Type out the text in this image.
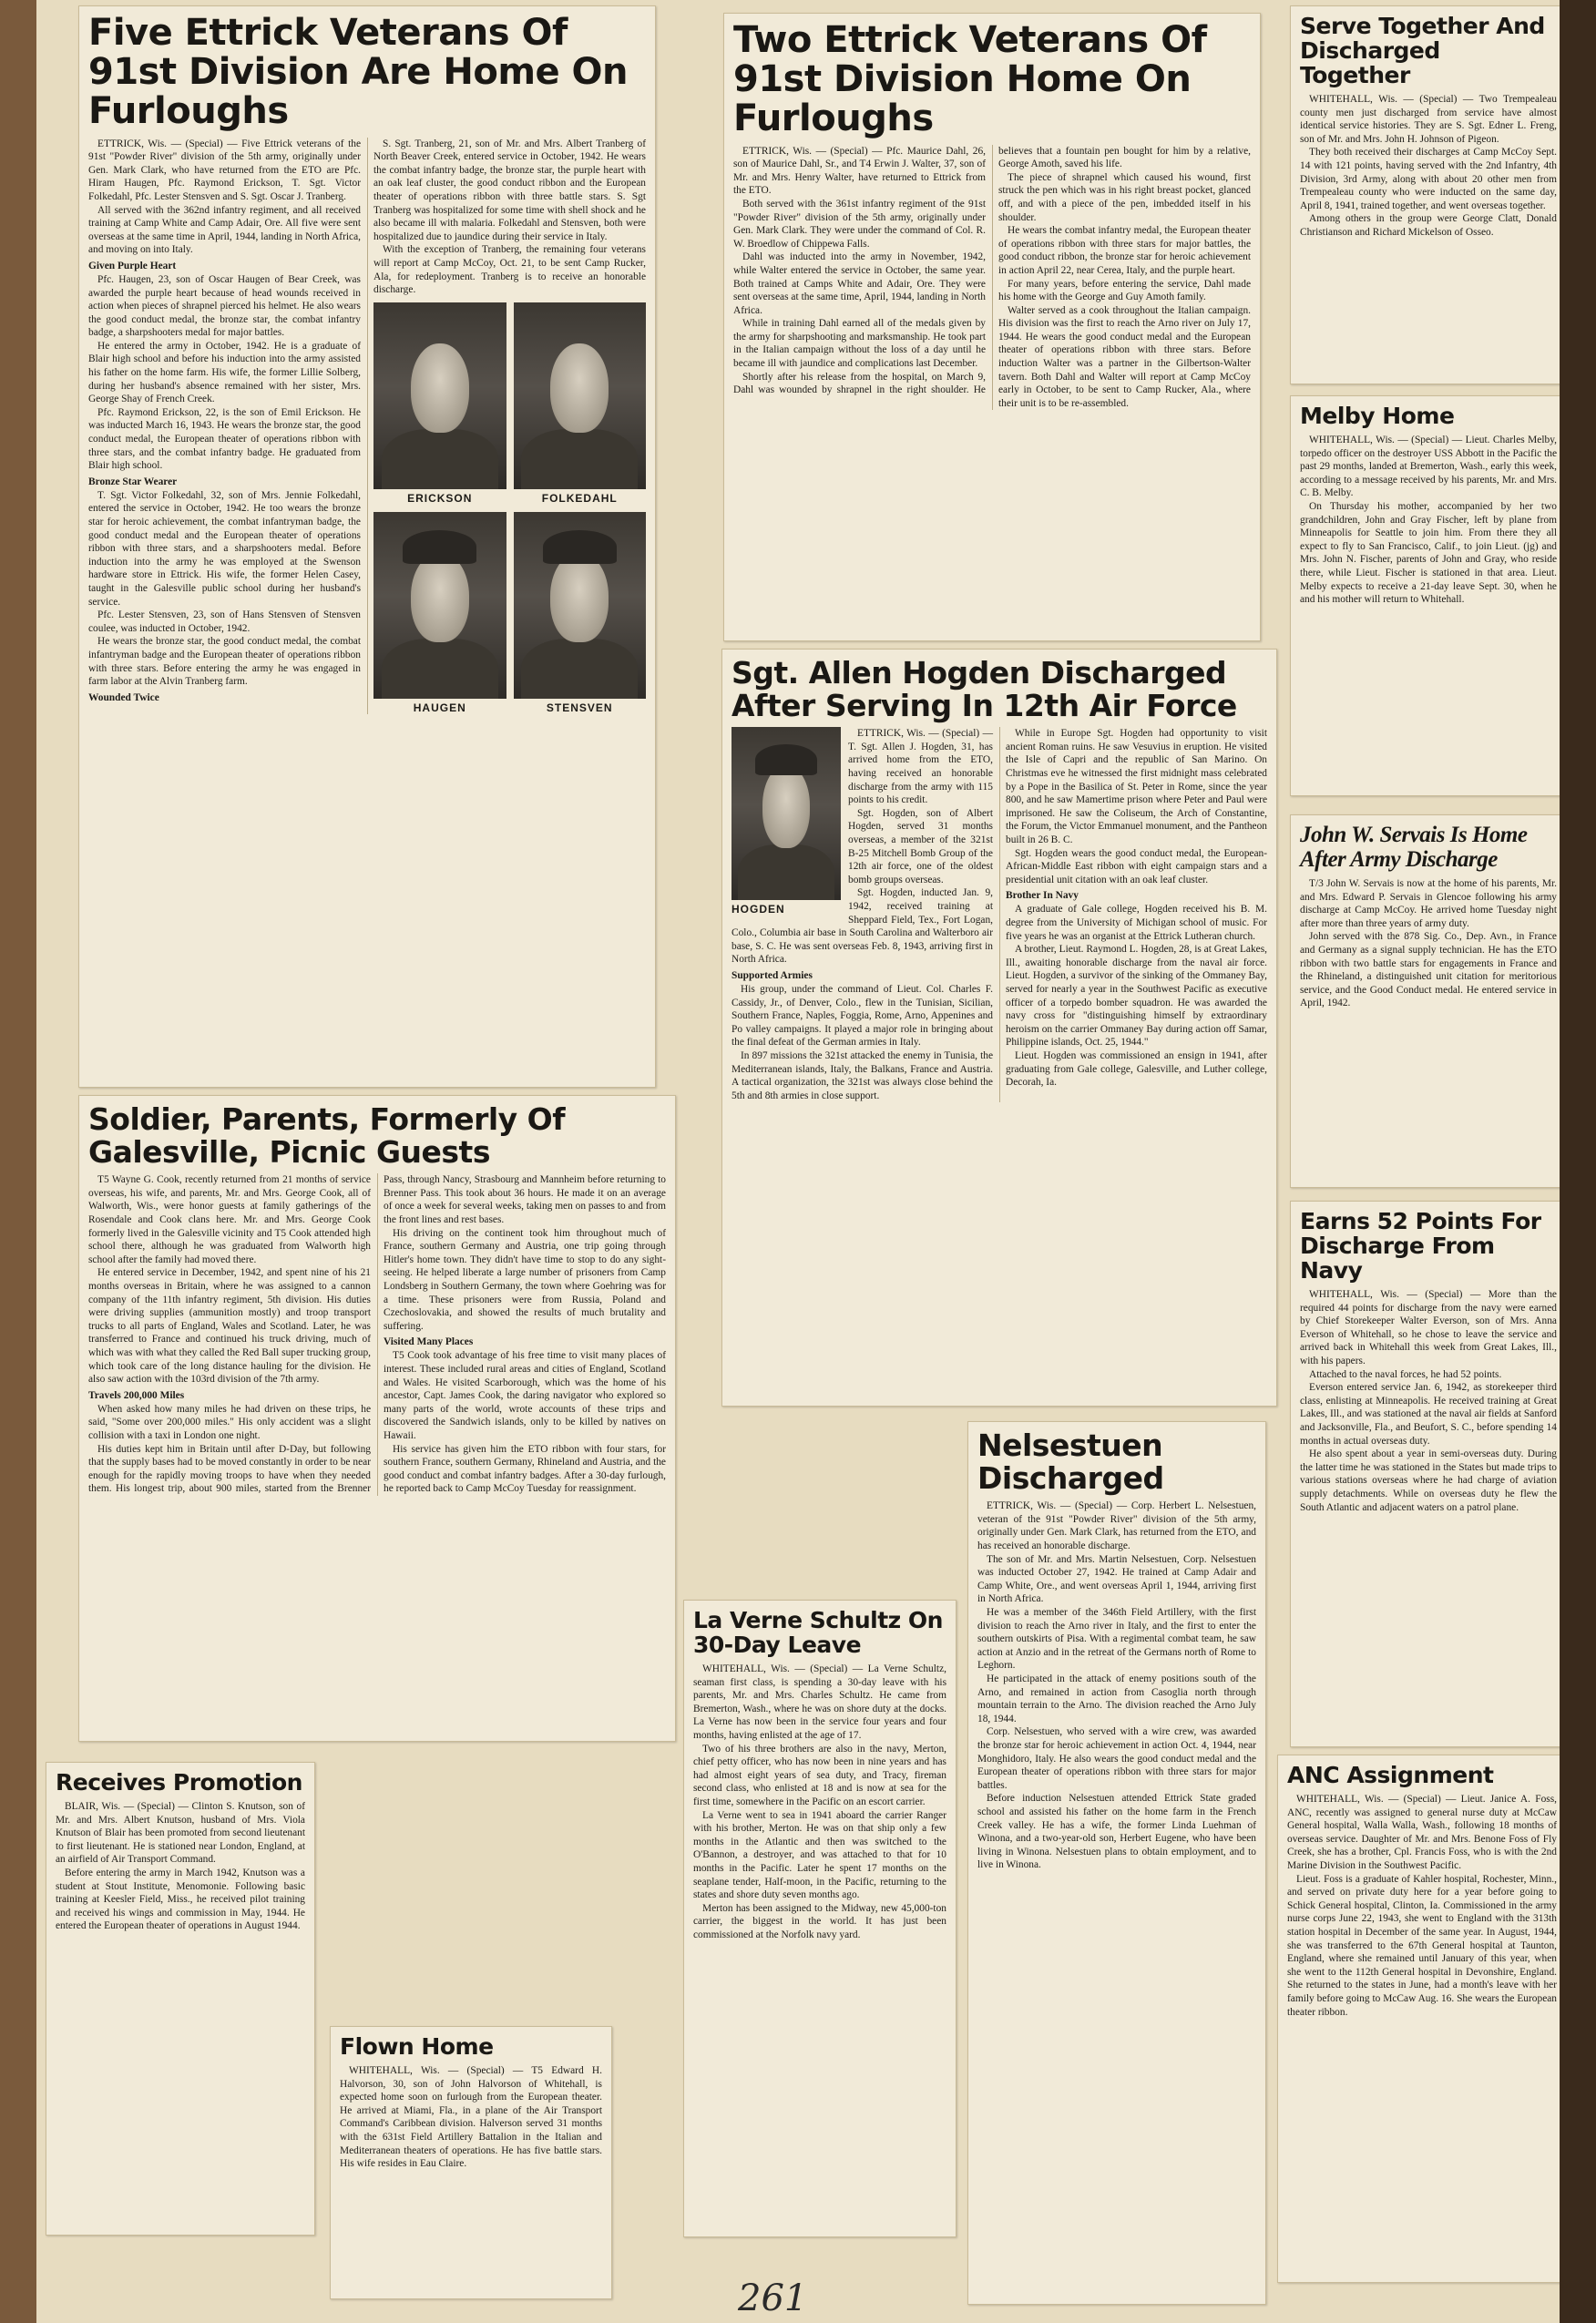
Five Ettrick Veterans Of 91st Division Are Home On Furloughs

ETTRICK, Wis. — (Special) — Five Ettrick veterans of the 91st "Powder River" division of the 5th army, originally under Gen. Mark Clark, who have returned from the ETO are Pfc. Hiram Haugen, Pfc. Raymond Erickson, T. Sgt. Victor Folkedahl, Pfc. Lester Stensven and S. Sgt. Oscar J. Tranberg.

All served with the 362nd infantry regiment, and all received training at Camp White and Camp Adair, Ore. All five were sent overseas at the same time in April, 1944, landing in North Africa, and moving on into Italy.

Given Purple Heart

Pfc. Haugen, 23, son of Oscar Haugen of Bear Creek, was awarded the purple heart because of head wounds received in action when pieces of shrapnel pierced his helmet. He also wears the good conduct medal, the bronze star, the combat infantry badge, a sharpshooters medal for major battles.

He entered the army in October, 1942. He is a graduate of Blair high school and before his induction into the army assisted his father on the home farm. His wife, the former Lillie Solberg, during her husband's absence remained with her sister, Mrs. George Shay of French Creek.

Pfc. Raymond Erickson, 22, is the son of Emil Erickson. He was inducted March 16, 1943. He wears the bronze star, the good conduct medal, the European theater of operations ribbon with three stars, and the combat infantry badge. He graduated from Blair high school.

Bronze Star Wearer

T. Sgt. Victor Folkedahl, 32, son of Mrs. Jennie Folkedahl, entered the service in October, 1942. He too wears the bronze star for heroic achievement, the combat infantryman badge, the good conduct medal and the European theater of operations ribbon with three stars, and a sharpshooters medal. Before induction into the army he was employed at the Swenson hardware store in Ettrick. His wife, the former Helen Casey, taught in the Galesville public school during her husband's service.

Pfc. Lester Stensven, 23, son of Hans Stensven of Stensven coulee, was inducted in October, 1942.

He wears the bronze star, the good conduct medal, the combat infantryman badge and the European theater of operations ribbon with three stars. Before entering the army he was engaged in farm labor at the Alvin Tranberg farm.

Wounded Twice

S. Sgt. Tranberg, 21, son of Mr. and Mrs. Albert Tranberg of North Beaver Creek, entered service in October, 1942. He wears the combat infantry badge, the bronze star, the purple heart with an oak leaf cluster, the good conduct ribbon and the European theater of operations ribbon with three battle stars. S. Sgt Tranberg was hospitalized for some time with shell shock and he also became ill with malaria. Folkedahl and Stensven, both were hospitalized due to jaundice during their service in Italy.

With the exception of Tranberg, the remaining four veterans will report at Camp McCoy, Oct. 21, to be sent Camp Rucker, Ala, for redeployment. Tranberg is to receive an honorable discharge.

ERICKSON	FOLKEDAHL
HAUGEN	STENSVEN
Two Ettrick Veterans Of 91st Division Home On Furloughs

ETTRICK, Wis. — (Special) — Pfc. Maurice Dahl, 26, son of Maurice Dahl, Sr., and T4 Erwin J. Walter, 37, son of Mr. and Mrs. Henry Walter, have returned to Ettrick from the ETO.

Both served with the 361st infantry regiment of the 91st "Powder River" division of the 5th army, originally under Gen. Mark Clark. They were under the command of Col. R. W. Broedlow of Chippewa Falls.

Dahl was inducted into the army in November, 1942, while Walter entered the service in October, the same year. Both trained at Camps White and Adair, Ore. They were sent overseas at the same time, April, 1944, landing in North Africa.

While in training Dahl earned all of the medals given by the army for sharpshooting and marksmanship. He took part in the Italian campaign without the loss of a day until he became ill with jaundice and complications last December.

Shortly after his release from the hospital, on March 9, Dahl was wounded by shrapnel in the right shoulder. He believes that a fountain pen bought for him by a relative, George Amoth, saved his life.

The piece of shrapnel which caused his wound, first struck the pen which was in his right breast pocket, glanced off, and with a piece of the pen, imbedded itself in his shoulder.

He wears the combat infantry medal, the European theater of operations ribbon with three stars for major battles, the good conduct ribbon, the bronze star for heroic achievement in action April 22, near Cerea, Italy, and the purple heart.

For many years, before entering the service, Dahl made his home with the George and Guy Amoth family.

Walter served as a cook throughout the Italian campaign. His division was the first to reach the Arno river on July 17, 1944. He wears the good conduct medal and the European theater of operations ribbon with three stars. Before induction Walter was a partner in the Gilbertson-Walter tavern. Both Dahl and Walter will report at Camp McCoy early in October, to be sent to Camp Rucker, Ala., where their unit is to be re-assembled.

Serve Together And Discharged Together

WHITEHALL, Wis. — (Special) — Two Trempealeau county men just discharged from service have almost identical service histories. They are S. Sgt. Edner L. Freng, son of Mr. and Mrs. John H. Johnson of Pigeon.

They both received their discharges at Camp McCoy Sept. 14 with 121 points, having served with the 2nd Infantry, 4th Division, 3rd Army, along with about 20 other men from Trempealeau county who were inducted on the same day, April 8, 1941, trained together, and went overseas together.

Among others in the group were George Clatt, Donald Christianson and Richard Mickelson of Osseo.

Melby Home

WHITEHALL, Wis. — (Special) — Lieut. Charles Melby, torpedo officer on the destroyer USS Abbott in the Pacific the past 29 months, landed at Bremerton, Wash., early this week, according to a message received by his parents, Mr. and Mrs. C. B. Melby.

On Thursday his mother, accompanied by her two grandchildren, John and Gray Fischer, left by plane from Minneapolis for Seattle to join him. From there they all expect to fly to San Francisco, Calif., to join Lieut. (jg) and Mrs. John N. Fischer, parents of John and Gray, who reside there, while Lieut. Fischer is stationed in that area. Lieut. Melby expects to receive a 21-day leave Sept. 30, when he and his mother will return to Whitehall.

John W. Servais Is Home After Army Discharge

T/3 John W. Servais is now at the home of his parents, Mr. and Mrs. Edward P. Servais in Glencoe following his army discharge at Camp McCoy. He arrived home Tuesday night after more than three years of army duty.

John served with the 878 Sig. Co., Dep. Avn., in France and Germany as a signal supply technician. He has the ETO ribbon with two battle stars for engagements in France and the Rhineland, a distinguished unit citation for meritorious service, and the Good Conduct medal. He entered service in April, 1942.

Earns 52 Points For Discharge From Navy

WHITEHALL, Wis. — (Special) — More than the required 44 points for discharge from the navy were earned by Chief Storekeeper Walter Everson, son of Mrs. Anna Everson of Whitehall, so he chose to leave the service and arrived back in Whitehall this week from Great Lakes, Ill., with his papers.

Attached to the naval forces, he had 52 points.

Everson entered service Jan. 6, 1942, as storekeeper third class, enlisting at Minneapolis. He received training at Great Lakes, Ill., and was stationed at the naval air fields at Sanford and Jacksonville, Fla., and Beufort, S. C., before spending 14 months in actual overseas duty.

He also spent about a year in semi-overseas duty. During the latter time he was stationed in the States but made trips to various stations overseas where he had charge of aviation supply detachments. While on overseas duty he flew the South Atlantic and adjacent waters on a patrol plane.

Sgt. Allen Hogden Discharged After Serving In 12th Air Force
HOGDEN

ETTRICK, Wis. — (Special) — T. Sgt. Allen J. Hogden, 31, has arrived home from the ETO, having received an honorable discharge from the army with 115 points to his credit.

Sgt. Hogden, son of Albert Hogden, served 31 months overseas, a member of the 321st B-25 Mitchell Bomb Group of the 12th air force, one of the oldest bomb groups overseas.

Sgt. Hogden, inducted Jan. 9, 1942, received training at Sheppard Field, Tex., Fort Logan, Colo., Columbia air base in South Carolina and Walterboro air base, S. C. He was sent overseas Feb. 8, 1943, arriving first in North Africa.

Supported Armies

His group, under the command of Lieut. Col. Charles F. Cassidy, Jr., of Denver, Colo., flew in the Tunisian, Sicilian, Southern France, Naples, Foggia, Rome, Arno, Appenines and Po valley campaigns. It played a major role in bringing about the final defeat of the German armies in Italy.

In 897 missions the 321st attacked the enemy in Tunisia, the Mediterranean islands, Italy, the Balkans, France and Austria. A tactical organization, the 321st was always close behind the 5th and 8th armies in close support.

While in Europe Sgt. Hogden had opportunity to visit ancient Roman ruins. He saw Vesuvius in eruption. He visited the Isle of Capri and the republic of San Marino. On Christmas eve he witnessed the first midnight mass celebrated by a Pope in the Basilica of St. Peter in Rome, since the year 800, and he saw Mamertime prison where Peter and Paul were imprisoned. He saw the Coliseum, the Arch of Constantine, the Forum, the Victor Emmanuel monument, and the Pantheon built in 26 B. C.

Sgt. Hogden wears the good conduct medal, the European-African-Middle East ribbon with eight campaign stars and a presidential unit citation with an oak leaf cluster.

Brother In Navy

A graduate of Gale college, Hogden received his B. M. degree from the University of Michigan school of music. For five years he was an organist at the Ettrick Lutheran church.

A brother, Lieut. Raymond L. Hogden, 28, is at Great Lakes, Ill., awaiting honorable discharge from the naval air force. Lieut. Hogden, a survivor of the sinking of the Ommaney Bay, served for nearly a year in the Southwest Pacific as executive officer of a torpedo bomber squadron. He was awarded the navy cross for "distinguishing himself by extraordinary heroism on the carrier Ommaney Bay during action off Samar, Philippine islands, Oct. 25, 1944."

Lieut. Hogden was commissioned an ensign in 1941, after graduating from Gale college, Galesville, and Luther college, Decorah, Ia.

Soldier, Parents, Formerly Of Galesville, Picnic Guests

T5 Wayne G. Cook, recently returned from 21 months of service overseas, his wife, and parents, Mr. and Mrs. George Cook, all of Walworth, Wis., were honor guests at family gatherings of the Rosendale and Cook clans here. Mr. and Mrs. George Cook formerly lived in the Galesville vicinity and T5 Cook attended high school there, although he was graduated from Walworth high school after the family had moved there.

He entered service in December, 1942, and spent nine of his 21 months overseas in Britain, where he was assigned to a cannon company of the 11th infantry regiment, 5th division. His duties were driving supplies (ammunition mostly) and troop transport trucks to all parts of England, Wales and Scotland. Later, he was transferred to France and continued his truck driving, much of which was with what they called the Red Ball super trucking group, which took care of the long distance hauling for the division. He also saw action with the 103rd division of the 7th army.

Travels 200,000 Miles

When asked how many miles he had driven on these trips, he said, "Some over 200,000 miles." His only accident was a slight collision with a taxi in London one night.

His duties kept him in Britain until after D-Day, but following that the supply bases had to be moved constantly in order to be near enough for the rapidly moving troops to have when they needed them. His longest trip, about 900 miles, started from the Brenner Pass, through Nancy, Strasbourg and Mannheim before returning to Brenner Pass. This took about 36 hours. He made it on an average of once a week for several weeks, taking men on passes to and from the front lines and rest bases.

His driving on the continent took him throughout much of France, southern Germany and Austria, one trip going through Hitler's home town. They didn't have time to stop to do any sight-seeing. He helped liberate a large number of prisoners from Camp Londsberg in Southern Germany, the town where Goehring was for a time. These prisoners were from Russia, Poland and Czechoslovakia, and showed the results of much brutality and suffering.

Visited Many Places

T5 Cook took advantage of his free time to visit many places of interest. These included rural areas and cities of England, Scotland and Wales. He visited Scarborough, which was the home of his ancestor, Capt. James Cook, the daring navigator who explored so many parts of the world, wrote accounts of these trips and discovered the Sandwich islands, only to be killed by natives on Hawaii.

His service has given him the ETO ribbon with four stars, for southern France, southern Germany, Rhineland and Austria, and the good conduct and combat infantry badges. After a 30-day furlough, he reported back to Camp McCoy Tuesday for reassignment.

Receives Promotion

BLAIR, Wis. — (Special) — Clinton S. Knutson, son of Mr. and Mrs. Albert Knutson, husband of Mrs. Viola Knutson of Blair has been promoted from second lieutenant to first lieutenant. He is stationed near London, England, at an airfield of Air Transport Command.

Before entering the army in March 1942, Knutson was a student at Stout Institute, Menomonie. Following basic training at Keesler Field, Miss., he received pilot training and received his wings and commission in May, 1944. He entered the European theater of operations in August 1944.

Flown Home

WHITEHALL, Wis. — (Special) — T5 Edward H. Halvorson, 30, son of John Halvorson of Whitehall, is expected home soon on furlough from the European theater. He arrived at Miami, Fla., in a plane of the Air Transport Command's Caribbean division. Halverson served 31 months with the 631st Field Artillery Battalion in the Italian and Mediterranean theaters of operations. He has five battle stars. His wife resides in Eau Claire.

La Verne Schultz On 30-Day Leave

WHITEHALL, Wis. — (Special) — La Verne Schultz, seaman first class, is spending a 30-day leave with his parents, Mr. and Mrs. Charles Schultz. He came from Bremerton, Wash., where he was on shore duty at the docks. La Verne has now been in the service four years and four months, having enlisted at the age of 17.

Two of his three brothers are also in the navy, Merton, chief petty officer, who has now been in nine years and has had almost eight years of sea duty, and Tracy, fireman second class, who enlisted at 18 and is now at sea for the first time, somewhere in the Pacific on an escort carrier.

La Verne went to sea in 1941 aboard the carrier Ranger with his brother, Merton. He was on that ship only a few months in the Atlantic and then was switched to the O'Bannon, a destroyer, and was attached to that for 10 months in the Pacific. Later he spent 17 months on the seaplane tender, Half-moon, in the Pacific, returning to the states and shore duty seven months ago.

Merton has been assigned to the Midway, new 45,000-ton carrier, the biggest in the world. It has just been commissioned at the Norfolk navy yard.

Nelsestuen Discharged

ETTRICK, Wis. — (Special) — Corp. Herbert L. Nelsestuen, veteran of the 91st "Powder River" division of the 5th army, originally under Gen. Mark Clark, has returned from the ETO, and has received an honorable discharge.

The son of Mr. and Mrs. Martin Nelsestuen, Corp. Nelsestuen was inducted October 27, 1942. He trained at Camp Adair and Camp White, Ore., and went overseas April 1, 1944, arriving first in North Africa.

He was a member of the 346th Field Artillery, with the first division to reach the Arno river in Italy, and the first to enter the southern outskirts of Pisa. With a regimental combat team, he saw action at Anzio and in the retreat of the Germans north of Rome to Leghorn.

He participated in the attack of enemy positions south of the Arno, and remained in action from Casoglia north through mountain terrain to the Arno. The division reached the Arno July 18, 1944.

Corp. Nelsestuen, who served with a wire crew, was awarded the bronze star for heroic achievement in action Oct. 4, 1944, near Monghidoro, Italy. He also wears the good conduct medal and the European theater of operations ribbon with three stars for major battles.

Before induction Nelsestuen attended Ettrick State graded school and assisted his father on the home farm in the French Creek valley. He has a wife, the former Linda Luehman of Winona, and a two-year-old son, Herbert Eugene, who have been living in Winona. Nelsestuen plans to obtain employment, and to live in Winona.

ANC Assignment

WHITEHALL, Wis. — (Special) — Lieut. Janice A. Foss, ANC, recently was assigned to general nurse duty at McCaw General hospital, Walla Walla, Wash., following 18 months of overseas service. Daughter of Mr. and Mrs. Benone Foss of Fly Creek, she has a brother, Cpl. Francis Foss, who is with the 2nd Marine Division in the Southwest Pacific.

Lieut. Foss is a graduate of Kahler hospital, Rochester, Minn., and served on private duty here for a year before going to Schick General hospital, Clinton, Ia. Commissioned in the army nurse corps June 22, 1943, she went to England with the 313th station hospital in December of the same year. In August, 1944, she was transferred to the 67th General hospital at Taunton, England, where she remained until January of this year, when she went to the 112th General hospital in Devonshire, England. She returned to the states in June, had a month's leave with her family before going to McCaw Aug. 16. She wears the European theater ribbon.

261
